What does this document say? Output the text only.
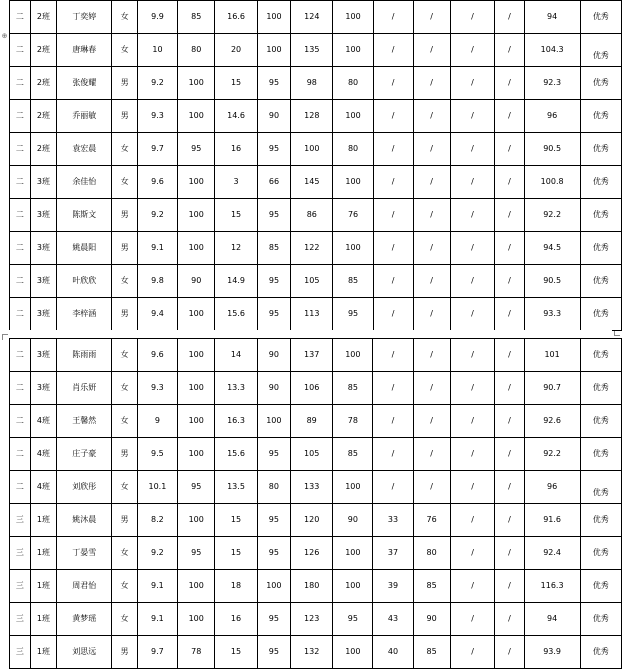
⊕
二	2班	丁奕婷	女	9.9	85	16.6	100	124	100	/	/	/	/	94	优秀
二	2班	唐琳春	女	10	80	20	100	135	100	/	/	/	/	104.3	优秀

二	2班	张俊耀	男	9.2	100	15	95	98	80	/	/	/	/	92.3	优秀
二	2班	乔丽敏	男	9.3	100	14.6	90	128	100	/	/	/	/	96	优秀
二	2班	袁宏晨	女	9.7	95	16	95	100	80	/	/	/	/	90.5	优秀
二	3班	余佳怡	女	9.6	100	3	66	145	100	/	/	/	/	100.8	优秀
二	3班	陈斯文	男	9.2	100	15	95	86	76	/	/	/	/	92.2	优秀
二	3班	姚晨阳	男	9.1	100	12	85	122	100	/	/	/	/	94.5	优秀
二	3班	叶欣欣	女	9.8	90	14.9	95	105	85	/	/	/	/	90.5	优秀
二	3班	李梓涵	男	9.4	100	15.6	95	113	95	/	/	/	/	93.3	优秀
二	3班	陈雨雨	女	9.6	100	14	90	137	100	/	/	/	/	101	优秀
二	3班	肖乐妍	女	9.3	100	13.3	90	106	85	/	/	/	/	90.7	优秀
二	4班	王馨然	女	9	100	16.3	100	89	78	/	/	/	/	92.6	优秀
二	4班	庄子豪	男	9.5	100	15.6	95	105	85	/	/	/	/	92.2	优秀
二	4班	刘欣彤	女	10.1	95	13.5	80	133	100	/	/	/	/	96	优秀

三	1班	姚沐晨	男	8.2	100	15	95	120	90	33	76	/	/	91.6	优秀
三	1班	丁晏雪	女	9.2	95	15	95	126	100	37	80	/	/	92.4	优秀
三	1班	周君怡	女	9.1	100	18	100	180	100	39	85	/	/	116.3	优秀
三	1班	黄梦瑶	女	9.1	100	16	95	123	95	43	90	/	/	94	优秀
三	1班	刘思远	男	9.7	78	15	95	132	100	40	85	/	/	93.9	优秀
